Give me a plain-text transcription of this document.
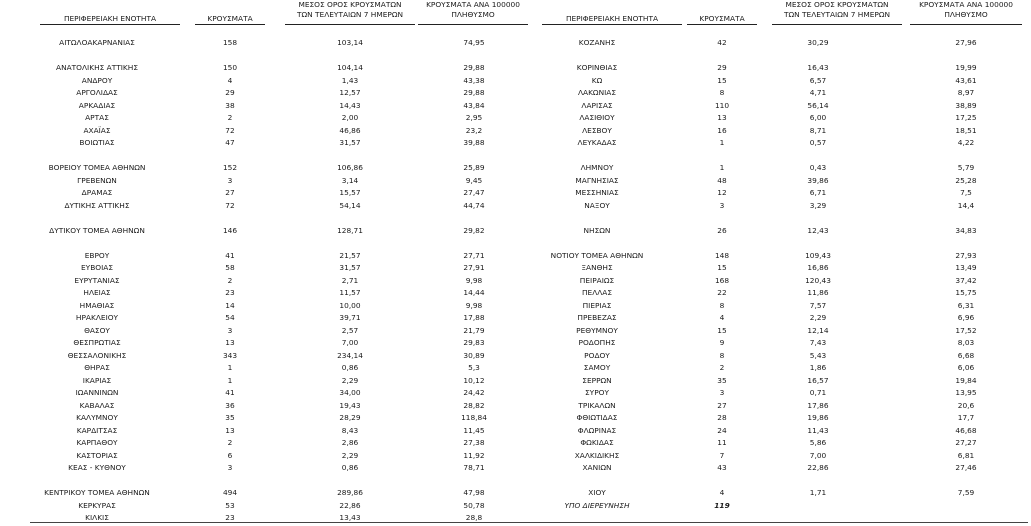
ΠΕΡΙΦΕΡΕΙΑΚΗ ΕΝΟΤΗΤΑ	ΚΡΟΥΣΜΑΤΑ
ΜΕΣΟΣ ΟΡΟΣ ΚΡΟΥΣΜΑΤΩΝ
ΤΩΝ ΤΕΛΕΥΤΑΙΩΝ 7 ΗΜΕΡΩΝ
ΚΡΟΥΣΜΑΤΑ ΑΝΑ 100000
ΠΛΗΘΥΣΜΟ	ΠΕΡΙΦΕΡΕΙΑΚΗ ΕΝΟΤΗΤΑ	ΚΡΟΥΣΜΑΤΑ
ΜΕΣΟΣ ΟΡΟΣ ΚΡΟΥΣΜΑΤΩΝ
ΤΩΝ ΤΕΛΕΥΤΑΙΩΝ 7 ΗΜΕΡΩΝ
ΚΡΟΥΣΜΑΤΑ ΑΝΑ 100000
ΠΛΗΘΥΣΜΟ
ΑΙΤΩΛΟΑΚΑΡΝΑΝΙΑΣ	158	103,14	74,95
ΑΝΑΤΟΛΙΚΗΣ ΑΤΤΙΚΗΣ	150	104,14	29,88
ΑΝΔΡΟΥ	4	1,43	43,38
ΑΡΓΟΛΙΔΑΣ	29	12,57	29,88
ΑΡΚΑΔΙΑΣ	38	14,43	43,84
ΑΡΤΑΣ	2	2,00	2,95
ΑΧΑΪΑΣ	72	46,86	23,2
ΒΟΙΩΤΙΑΣ	47	31,57	39,88
ΒΟΡΕΙΟΥ ΤΟΜΕΑ ΑΘΗΝΩΝ	152	106,86	25,89
ΓΡΕΒΕΝΩΝ	3	3,14	9,45
ΔΡΑΜΑΣ	27	15,57	27,47
ΔΥΤΙΚΗΣ ΑΤΤΙΚΗΣ	72	54,14	44,74
ΔΥΤΙΚΟΥ ΤΟΜΕΑ ΑΘΗΝΩΝ	146	128,71	29,82
ΕΒΡΟΥ	41	21,57	27,71
ΕΥΒΟΙΑΣ	58	31,57	27,91
ΕΥΡΥΤΑΝΙΑΣ	2	2,71	9,98
ΗΛΕΙΑΣ	23	11,57	14,44
ΗΜΑΘΙΑΣ	14	10,00	9,98
ΗΡΑΚΛΕΙΟΥ	54	39,71	17,88
ΘΑΣΟΥ	3	2,57	21,79
ΘΕΣΠΡΩΤΙΑΣ	13	7,00	29,83
ΘΕΣΣΑΛΟΝΙΚΗΣ	343	234,14	30,89
ΘΗΡΑΣ	1	0,86	5,3
ΙΚΑΡΙΑΣ	1	2,29	10,12
ΙΩΑΝΝΙΝΩΝ	41	34,00	24,42
ΚΑΒΑΛΑΣ	36	19,43	28,82
ΚΑΛΥΜΝΟΥ	35	28,29	118,84
ΚΑΡΔΙΤΣΑΣ	13	8,43	11,45
ΚΑΡΠΑΘΟΥ	2	2,86	27,38
ΚΑΣΤΟΡΙΑΣ	6	2,29	11,92
ΚΕΑΣ - ΚΥΘΝΟΥ	3	0,86	78,71
ΚΕΝΤΡΙΚΟΥ ΤΟΜΕΑ ΑΘΗΝΩΝ	494	289,86	47,98
ΚΕΡΚΥΡΑΣ	53	22,86	50,78
ΚΙΛΚΙΣ	23	13,43	28,8
ΚΟΖΑΝΗΣ	42	30,29	27,96
ΚΟΡΙΝΘΙΑΣ	29	16,43	19,99
ΚΩ	15	6,57	43,61
ΛΑΚΩΝΙΑΣ	8	4,71	8,97
ΛΑΡΙΣΑΣ	110	56,14	38,89
ΛΑΣΙΘΙΟΥ	13	6,00	17,25
ΛΕΣΒΟΥ	16	8,71	18,51
ΛΕΥΚΑΔΑΣ	1	0,57	4,22
ΛΗΜΝΟΥ	1	0,43	5,79
ΜΑΓΝΗΣΙΑΣ	48	39,86	25,28
ΜΕΣΣΗΝΙΑΣ	12	6,71	7,5
ΝΑΞΟΥ	3	3,29	14,4
ΝΗΣΩΝ	26	12,43	34,83
ΝΟΤΙΟΥ ΤΟΜΕΑ ΑΘΗΝΩΝ	148	109,43	27,93
ΞΑΝΘΗΣ	15	16,86	13,49
ΠΕΙΡΑΙΩΣ	168	120,43	37,42
ΠΕΛΛΑΣ	22	11,86	15,75
ΠΙΕΡΙΑΣ	8	7,57	6,31
ΠΡΕΒΕΖΑΣ	4	2,29	6,96
ΡΕΘΥΜΝΟΥ	15	12,14	17,52
ΡΟΔΟΠΗΣ	9	7,43	8,03
ΡΟΔΟΥ	8	5,43	6,68
ΣΑΜΟΥ	2	1,86	6,06
ΣΕΡΡΩΝ	35	16,57	19,84
ΣΥΡΟΥ	3	0,71	13,95
ΤΡΙΚΑΛΩΝ	27	17,86	20,6
ΦΘΙΩΤΙΔΑΣ	28	19,86	17,7
ΦΛΩΡΙΝΑΣ	24	11,43	46,68
ΦΩΚΙΔΑΣ	11	5,86	27,27
ΧΑΛΚΙΔΙΚΗΣ	7	7,00	6,81
ΧΑΝΙΩΝ	43	22,86	27,46
ΧΙΟΥ	4	1,71	7,59
ΥΠΟ ΔΙΕΡΕΥΝΗΣΗ	119
